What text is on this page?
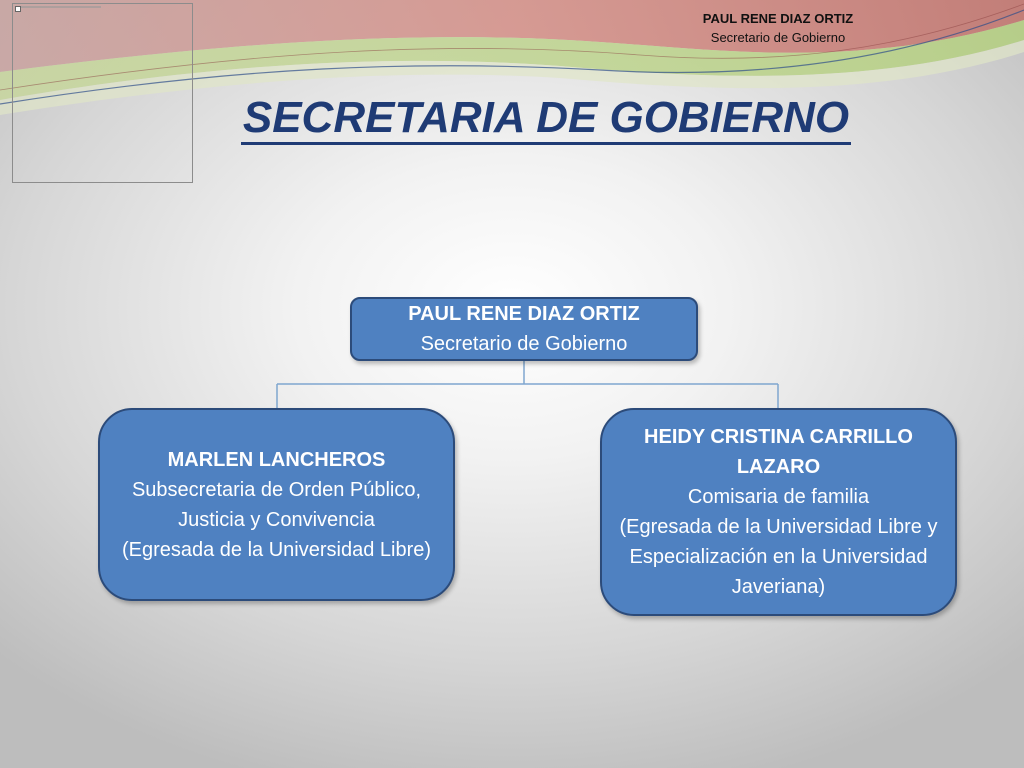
PAUL RENE DIAZ ORTIZ
Secretario de Gobierno
SECRETARIA DE GOBIERNO
PAUL RENE DIAZ ORTIZ
Secretario de Gobierno
MARLEN LANCHEROS
Subsecretaria de Orden Público, Justicia y Convivencia
(Egresada de la Universidad Libre)
HEIDY CRISTINA CARRILLO LAZARO
Comisaria de familia
(Egresada de la Universidad Libre y Especialización en la Universidad Javeriana)
